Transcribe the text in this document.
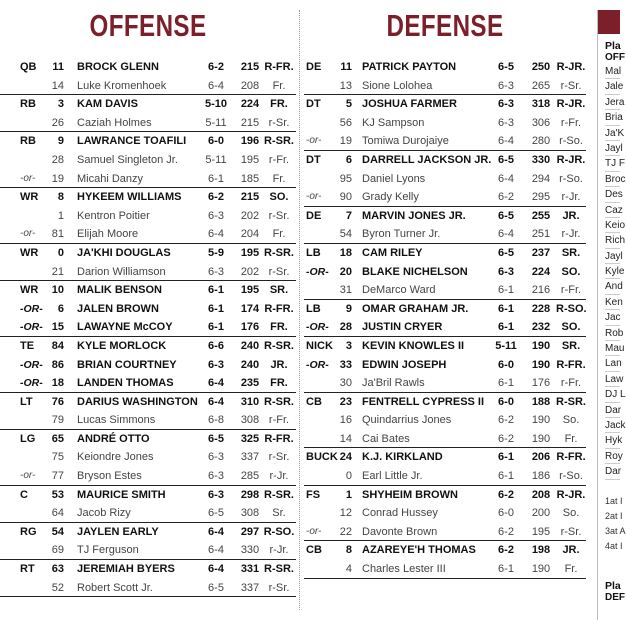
OFFENSE
QB	11 BROCK GLENN	6-2	215 R-FR.
14 Luke Kromenhoek	6-4	208	Fr.
RB	3 KAM DAVIS	5-10	224 FR.
26 Caziah Holmes	5-11	215 r-Sr.
RB	9 LAWRANCE TOAFILI	6-0	196 R-SR.
28 Samuel Singleton Jr.	5-11	195 r-Fr.
-or-	19 Micahi Danzy	6-1	185	Fr.
WR	8 HYKEEM WILLIAMS	6-2	215 SO.
1 Kentron Poitier	6-3	202 r-Sr.
-or-	81 Elijah Moore	6-4	204	Fr.
WR	0 JA'KHI DOUGLAS	5-9	195 R-SR.
21 Darion Williamson	6-3	202 r-Sr.
WR	10 MALIK BENSON	6-1	195 SR.
-OR-	6 JALEN BROWN	6-1	174 R-FR.
-OR- 15 LAWAYNE McCOY	6-1	176 FR.
TE	84 KYLE MORLOCK	6-6	240 R-SR.
-OR- 86 BRIAN COURTNEY	6-3	240	JR.
-OR- 18 LANDEN THOMAS	6-4	235 FR.
LT	76 DARIUS WASHINGTON 6-4	310 R-SR.
79 Lucas Simmons	6-8	308 r-Fr.
LG	65 ANDRÉ OTTO	6-5	325 R-FR.
75 Keiondre Jones	6-3	337 r-Sr.
-or-	77 Bryson Estes	6-3	285 r-Jr.
C	53 MAURICE SMITH	6-3	298 R-SR.
64 Jacob Rizy	6-5	308	Sr.
RG	54 JAYLEN EARLY	6-4	297 R-SO.
69 TJ Ferguson	6-4	330 r-Jr.
RT	63 JEREMIAH BYERS	6-4	331 R-SR.
52 Robert Scott Jr.	6-5	337 r-Sr.
DEFENSE
DE	11 PATRICK PAYTON	6-5	250 R-JR.
13 Sione Lolohea	6-3	265 r-Sr.
DT	5 JOSHUA FARMER	6-3	318 R-JR.
56 KJ Sampson	6-3	306 r-Fr.
-or-	19 Tomiwa Durojaiye	6-4	280 r-So.
DT	6 DARRELL JACKSON JR. 6-5	330 R-JR.
95 Daniel Lyons	6-4	294 r-So.
-or-	90 Grady Kelly	6-2	295	r-Jr.
DE	7 MARVIN JONES JR.	6-5	255	JR.
54 Byron Turner Jr.	6-4	251	r-Jr.
LB	18 CAM RILEY	6-5	237	SR.
-OR-	20 BLAKE NICHELSON	6-3	224	SO.
31 DeMarco Ward	6-1	216 r-Fr.
LB	9 OMAR GRAHAM JR.	6-1	228 R-SO.
-OR-	28 JUSTIN CRYER	6-1	232	SO.
NICK	3 KEVIN KNOWLES II	5-11	190	SR.
-OR-	33 EDWIN JOSEPH	6-0	190 R-FR.
30 Ja'Bril Rawls	6-1	176 r-Fr.
CB	23 FENTRELL CYPRESS II	6-0	188 R-SR.
16 Quindarrius Jones	6-2	190	So.
14 Cai Bates	6-2	190	Fr.
BUCK 24 K.J. KIRKLAND	6-1	206 R-FR.
0 Earl Little Jr.	6-1	186 r-So.
FS	1 SHYHEIM BROWN	6-2	208 R-JR.
12 Conrad Hussey	6-0	200	So.
-or-	22 Davonte Brown	6-2	195 r-Sr.
CB	8 AZAREYE'H THOMAS	6-2	198	JR.
4 Charles Lester III	6-1	190	Fr.
Pla
OFF
Mal
Jale
Jera
Bria
Ja'K
Jayl
TJ F
Broc
Des
Caz
Keio
Rich
Jayl
Kyle
And
Ken
Jac
Rob
Mau
Lan
Law
DJ L
Dar
Jack
Hyk
Roy
Dar
1at I
2at I
3at A
4at I
Pla
DEF
